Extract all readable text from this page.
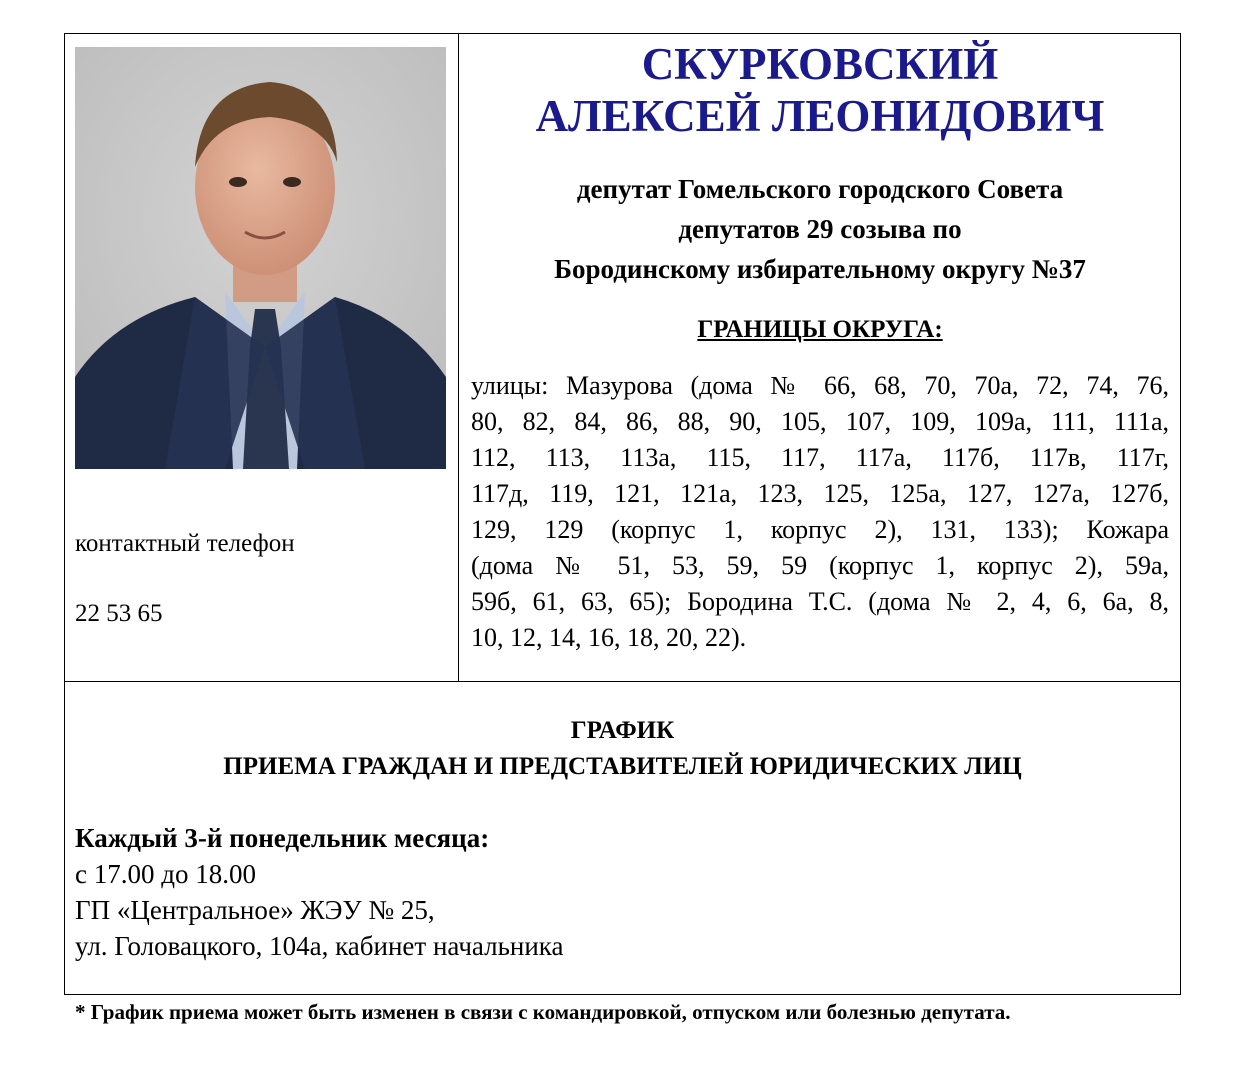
контактный телефон
22 53 65
СКУРКОВСКИЙ
АЛЕКСЕЙ ЛЕОНИДОВИЧ
депутат Гомельского городского Совета
депутатов 29 созыва по
Бородинскому избирательному округу №37
ГРАНИЦЫ ОКРУГА:
улицы: Мазурова (дома № 66, 68, 70, 70а, 72, 74, 76,
80, 82, 84, 86, 88, 90, 105, 107, 109, 109а, 111, 111а,
112, 113, 113а, 115, 117, 117а, 117б, 117в, 117г,
117д, 119, 121, 121а, 123, 125, 125а, 127, 127а, 127б,
129, 129 (корпус 1, корпус 2), 131, 133); Кожара
(дома № 51, 53, 59, 59 (корпус 1, корпус 2), 59а,
59б, 61, 63, 65); Бородина Т.С. (дома № 2, 4, 6, 6а, 8,
10, 12, 14, 16, 18, 20, 22).
ГРАФИК
ПРИЕМА ГРАЖДАН И ПРЕДСТАВИТЕЛЕЙ ЮРИДИЧЕСКИХ ЛИЦ
Каждый 3-й понедельник месяца:
с 17.00 до 18.00
ГП «Центральное» ЖЭУ № 25,
ул. Головацкого, 104а, кабинет начальника
* График приема может быть изменен в связи с командировкой, отпуском или болезнью депутата.
